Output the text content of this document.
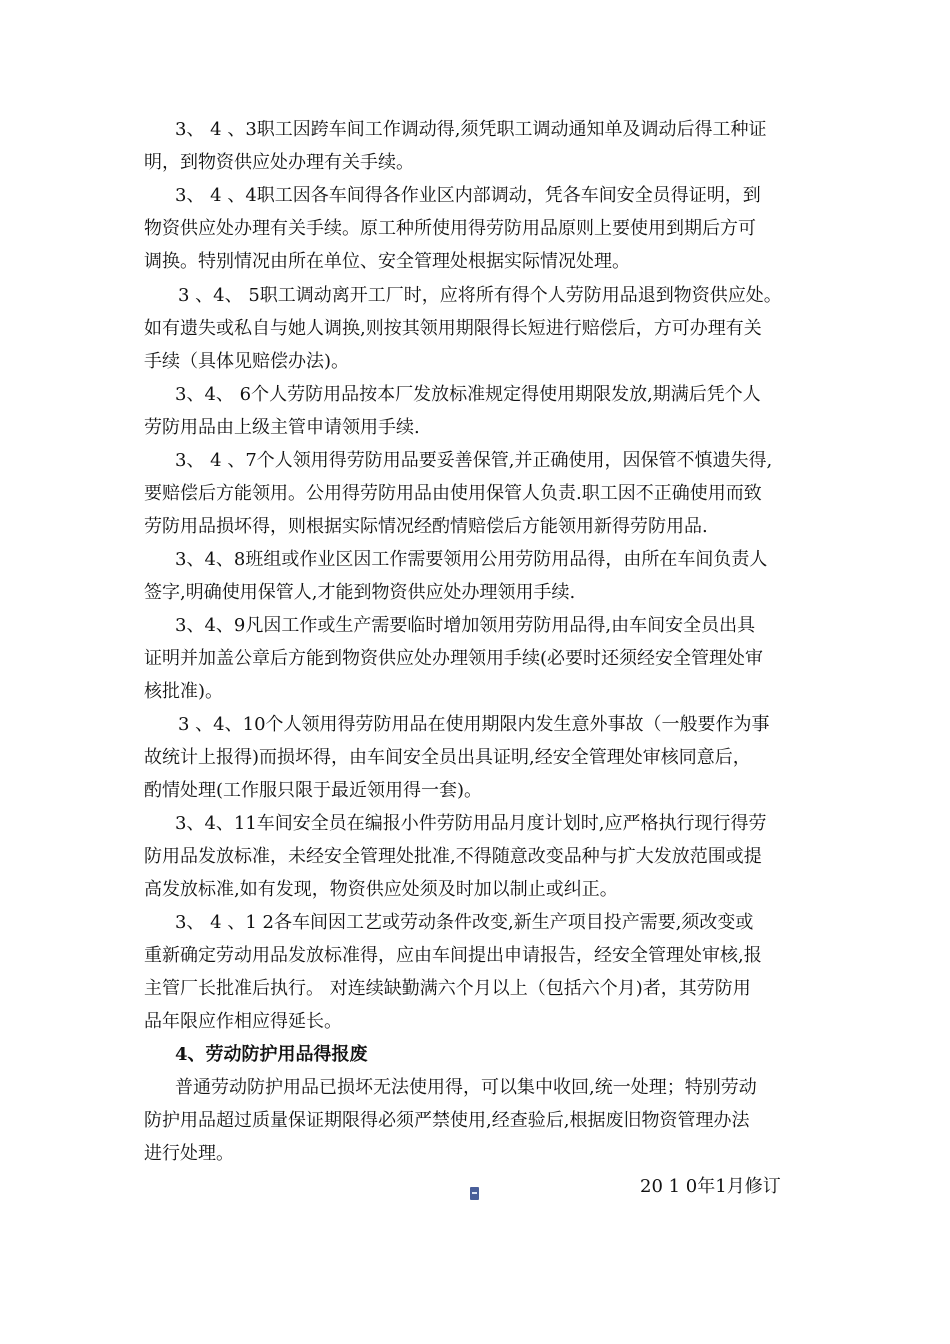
3、 4 、3职工因跨车间工作调动得,须凭职工调动通知单及调动后得工种证
明，到物资供应处办理有关手续。
3、 4 、4职工因各车间得各作业区内部调动，凭各车间安全员得证明，到
物资供应处办理有关手续。原工种所使用得劳防用品原则上要使用到期后方可
调换。特别情况由所在单位、安全管理处根据实际情况处理。
3 、4、 5职工调动离开工厂时，应将所有得个人劳防用品退到物资供应处。
如有遗失或私自与她人调换,则按其领用期限得长短进行赔偿后，方可办理有关
手续（具体见赔偿办法)。
3、4、 6个人劳防用品按本厂发放标准规定得使用期限发放,期满后凭个人
劳防用品由上级主管申请领用手续.
3、 4 、7个人领用得劳防用品要妥善保管,并正确使用，因保管不慎遗失得,
要赔偿后方能领用。公用得劳防用品由使用保管人负责.职工因不正确使用而致
劳防用品损坏得，则根据实际情况经酌情赔偿后方能领用新得劳防用品.
3、4、8班组或作业区因工作需要领用公用劳防用品得，由所在车间负责人
签字,明确使用保管人,才能到物资供应处办理领用手续.
3、4、9凡因工作或生产需要临时增加领用劳防用品得,由车间安全员出具
证明并加盖公章后方能到物资供应处办理领用手续(必要时还须经安全管理处审
核批准)。
3 、4、10个人领用得劳防用品在使用期限内发生意外事故（一般要作为事
故统计上报得)而损坏得，由车间安全员出具证明,经安全管理处审核同意后，
酌情处理(工作服只限于最近领用得一套)。
3、4、11车间安全员在编报小件劳防用品月度计划时,应严格执行现行得劳
防用品发放标准，未经安全管理处批准,不得随意改变品种与扩大发放范围或提
高发放标准,如有发现，物资供应处须及时加以制止或纠正。
3、 4 、1 2各车间因工艺或劳动条件改变,新生产项目投产需要,须改变或
重新确定劳动用品发放标准得，应由车间提出申请报告，经安全管理处审核,报
主管厂长批准后执行。 对连续缺勤满六个月以上（包括六个月)者，其劳防用
品年限应作相应得延长。
4、劳动防护用品得报废
普通劳动防护用品已损坏无法使用得，可以集中收回,统一处理；特别劳动
防护用品超过质量保证期限得必须严禁使用,经查验后,根据废旧物资管理办法
进行处理。
20 1 0年1月修订
